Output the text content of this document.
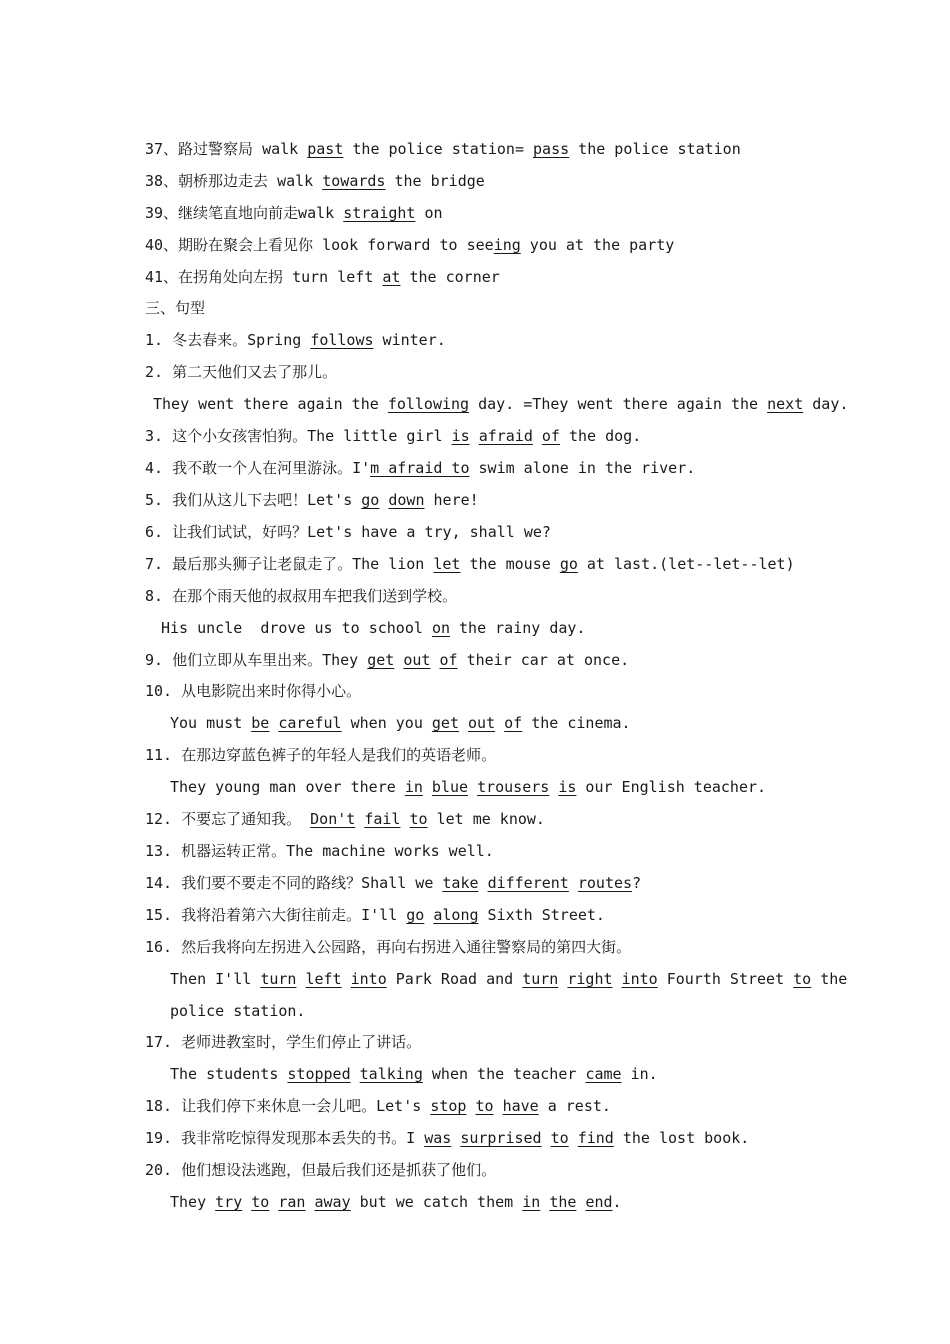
37、路过警察局 walk past the police station= pass the police station
38、朝桥那边走去 walk towards the bridge
39、继续笔直地向前走walk straight on
40、期盼在聚会上看见你 look forward to seeing you at the party
41、在拐角处向左拐 turn left at the corner
三、句型
1. 冬去春来。Spring follows winter.
2. 第二天他们又去了那儿。
They went there again the following day. =They went there again the next day.
3. 这个小女孩害怕狗。The little girl is afraid of the dog.
4. 我不敢一个人在河里游泳。I'm afraid to swim alone in the river.
5. 我们从这儿下去吧！Let's go down here!
6. 让我们试试，好吗？Let's have a try, shall we?
7. 最后那头狮子让老鼠走了。The lion let the mouse go at last.(let--let--let)
8. 在那个雨天他的叔叔用车把我们送到学校。
His uncle  drove us to school on the rainy day.
9. 他们立即从车里出来。They get out of their car at once.
10. 从电影院出来时你得小心。
You must be careful when you get out of the cinema.
11. 在那边穿蓝色裤子的年轻人是我们的英语老师。
They young man over there in blue trousers is our English teacher.
12. 不要忘了通知我。 Don't fail to let me know.
13. 机器运转正常。The machine works well.
14. 我们要不要走不同的路线？Shall we take different routes?
15. 我将沿着第六大街往前走。I'll go along Sixth Street.
16. 然后我将向左拐进入公园路，再向右拐进入通往警察局的第四大街。
Then I'll turn left into Park Road and turn right into Fourth Street to the
police station.
17. 老师进教室时，学生们停止了讲话。
The students stopped talking when the teacher came in.
18. 让我们停下来休息一会儿吧。Let's stop to have a rest.
19. 我非常吃惊得发现那本丢失的书。I was surprised to find the lost book.
20. 他们想设法逃跑，但最后我们还是抓获了他们。
They try to ran away but we catch them in the end.
